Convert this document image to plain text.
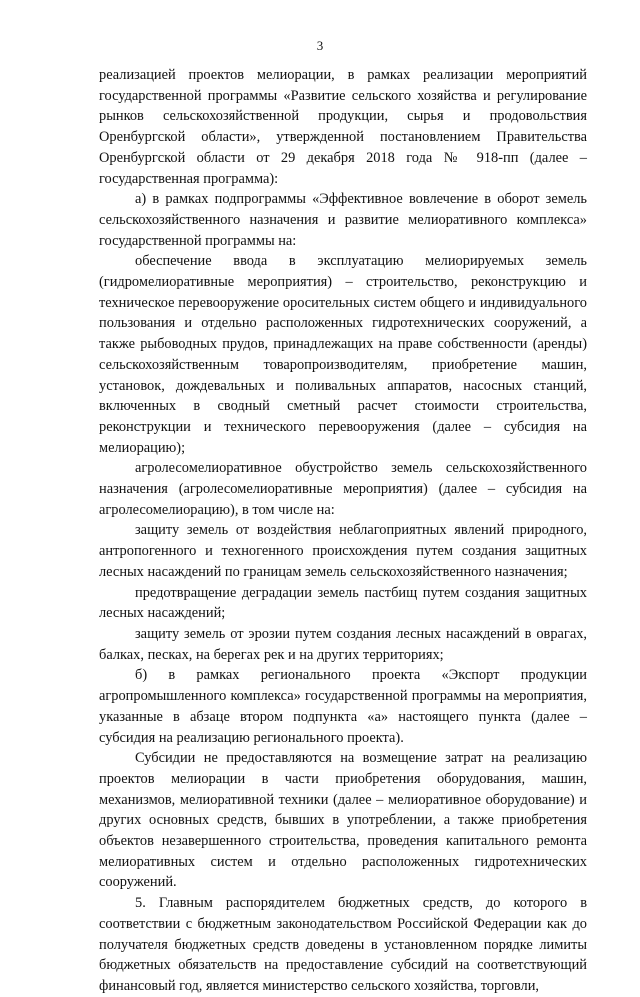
3

реализацией проектов мелиорации, в рамках реализации мероприятий государственной программы «Развитие сельского хозяйства и регулирование рынков сельскохозяйственной продукции, сырья и продовольствия Оренбургской области», утвержденной постановлением Правительства Оренбургской области от 29 декабря 2018 года № 918-пп (далее – государственная программа):

а) в рамках подпрограммы «Эффективное вовлечение в оборот земель сельскохозяйственного назначения и развитие мелиоративного комплекса» государственной программы на:

обеспечение ввода в эксплуатацию мелиорируемых земель (гидромелиоративные мероприятия) – строительство, реконструкцию и техническое перевооружение оросительных систем общего и индивидуального пользования и отдельно расположенных гидротехнических сооружений, а также рыбоводных прудов, принадлежащих на праве собственности (аренды) сельскохозяйственным товаропроизводителям, приобретение машин, установок, дождевальных и поливальных аппаратов, насосных станций, включенных в сводный сметный расчет стоимости строительства, реконструкции и технического перевооружения (далее – субсидия на мелиорацию);

агролесомелиоративное обустройство земель сельскохозяйственного назначения (агролесомелиоративные мероприятия) (далее – субсидия на агролесомелиорацию), в том числе на:

защиту земель от воздействия неблагоприятных явлений природного, антропогенного и техногенного происхождения путем создания защитных лесных насаждений по границам земель сельскохозяйственного назначения;

предотвращение деградации земель пастбищ путем создания защитных лесных насаждений;

защиту земель от эрозии путем создания лесных насаждений в оврагах, балках, песках, на берегах рек и на других территориях;

б) в рамках регионального проекта «Экспорт продукции агропромышленного комплекса» государственной программы на мероприятия, указанные в абзаце втором подпункта «а» настоящего пункта (далее – субсидия на реализацию регионального проекта).

Субсидии не предоставляются на возмещение затрат на реализацию проектов мелиорации в части приобретения оборудования, машин, механизмов, мелиоративной техники (далее – мелиоративное оборудование) и других основных средств, бывших в употреблении, а также приобретения объектов незавершенного строительства, проведения капитального ремонта мелиоративных систем и отдельно расположенных гидротехнических сооружений.

5. Главным распорядителем бюджетных средств, до которого в соответствии с бюджетным законодательством Российской Федерации как до получателя бюджетных средств доведены в установленном порядке лимиты бюджетных обязательств на предоставление субсидий на соответствующий финансовый год, является министерство сельского хозяйства, торговли,
